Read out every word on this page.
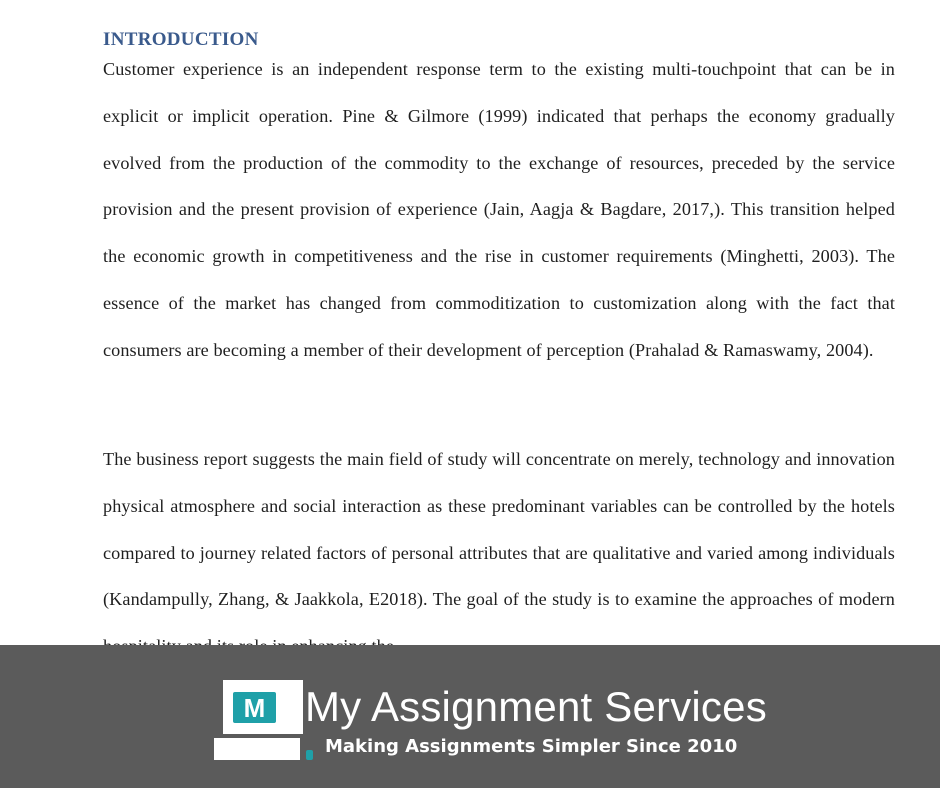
INTRODUCTION

Customer experience is an independent response term to the existing multi-touchpoint that can be in explicit or implicit operation. Pine & Gilmore (1999) indicated that perhaps the economy gradually evolved from the production of the commodity to the exchange of resources, preceded by the service provision and the present provision of experience (Jain, Aagja & Bagdare, 2017,). This transition helped the economic growth in competitiveness and the rise in customer requirements (Minghetti, 2003). The essence of the market has changed from commoditization to customization along with the fact that consumers are becoming a member of their development of perception (Prahalad & Ramaswamy, 2004).

The business report suggests the main field of study will concentrate on merely, technology and innovation physical atmosphere and social interaction as these predominant variables can be controlled by the hotels compared to journey related factors of personal attributes that are qualitative and varied among individuals (Kandampully, Zhang, & Jaakkola, E2018). The goal of the study is to examine the approaches of modern

M My Assignment Services
Making Assignments Simpler Since 2010
